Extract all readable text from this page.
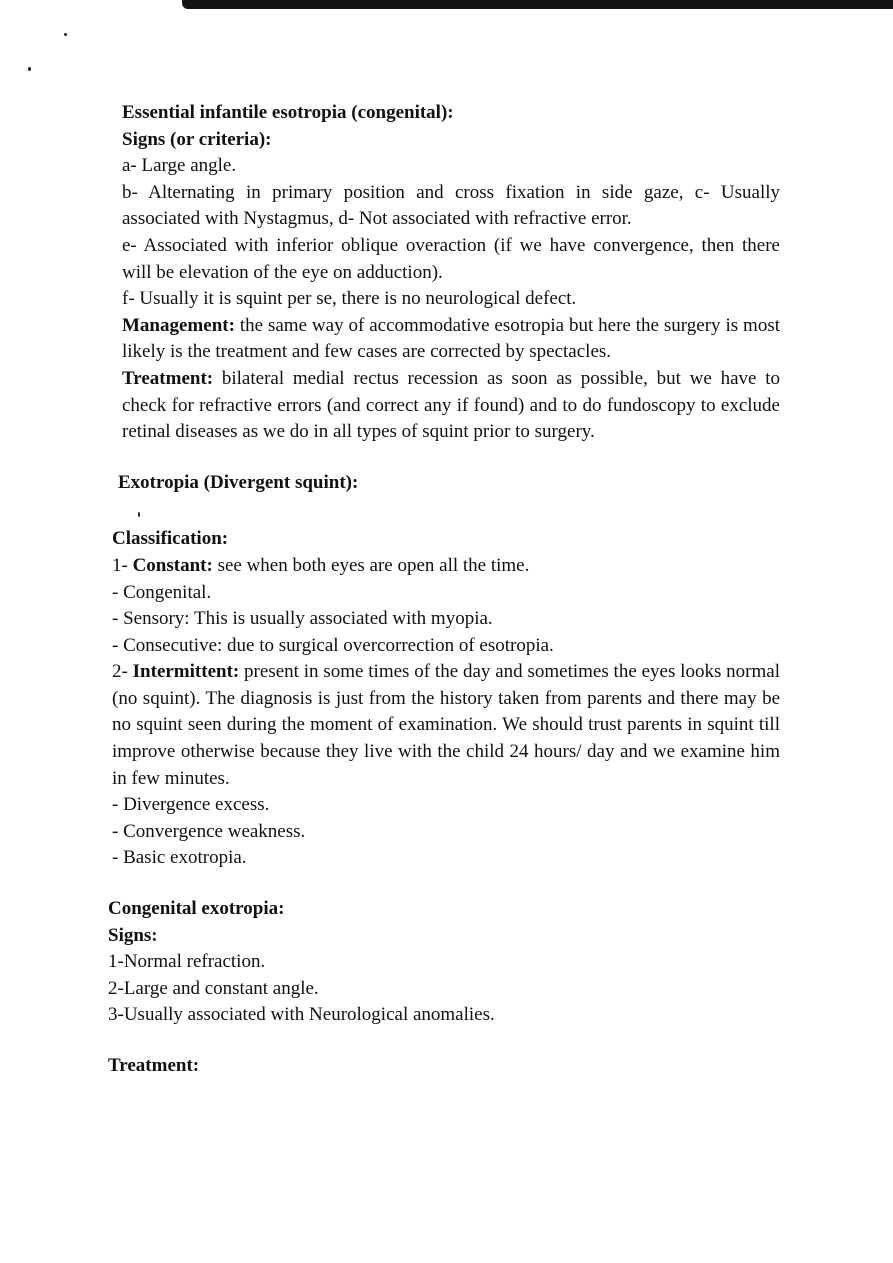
Essential infantile esotropia (congenital):

Signs (or criteria):

a- Large angle.

b- Alternating in primary position and cross fixation in side gaze, c- Usually associated with Nystagmus, d- Not associated with refractive error.

e- Associated with inferior oblique overaction (if we have convergence, then there will be elevation of the eye on adduction).

f- Usually it is squint per se, there is no neurological defect.

Management: the same way of accommodative esotropia but here the surgery is most likely is the treatment and few cases are corrected by spectacles.

Treatment: bilateral medial rectus recession as soon as possible, but we have to check for refractive errors (and correct any if found) and to do fundoscopy to exclude retinal diseases as we do in all types of squint prior to surgery.

Exotropia (Divergent squint):

Classification:

1- Constant: see when both eyes are open all the time.

- Congenital.

- Sensory: This is usually associated with myopia.

- Consecutive: due to surgical overcorrection of esotropia.

2- Intermittent: present in some times of the day and sometimes the eyes looks normal (no squint). The diagnosis is just from the history taken from parents and there may be no squint seen during the moment of examination. We should trust parents in squint till improve otherwise because they live with the child 24 hours/ day and we examine him in few minutes.

- Divergence excess.

- Convergence weakness.

- Basic exotropia.

Congenital exotropia:

Signs:

1-Normal refraction.

2-Large and constant angle.

3-Usually associated with Neurological anomalies.

Treatment:
